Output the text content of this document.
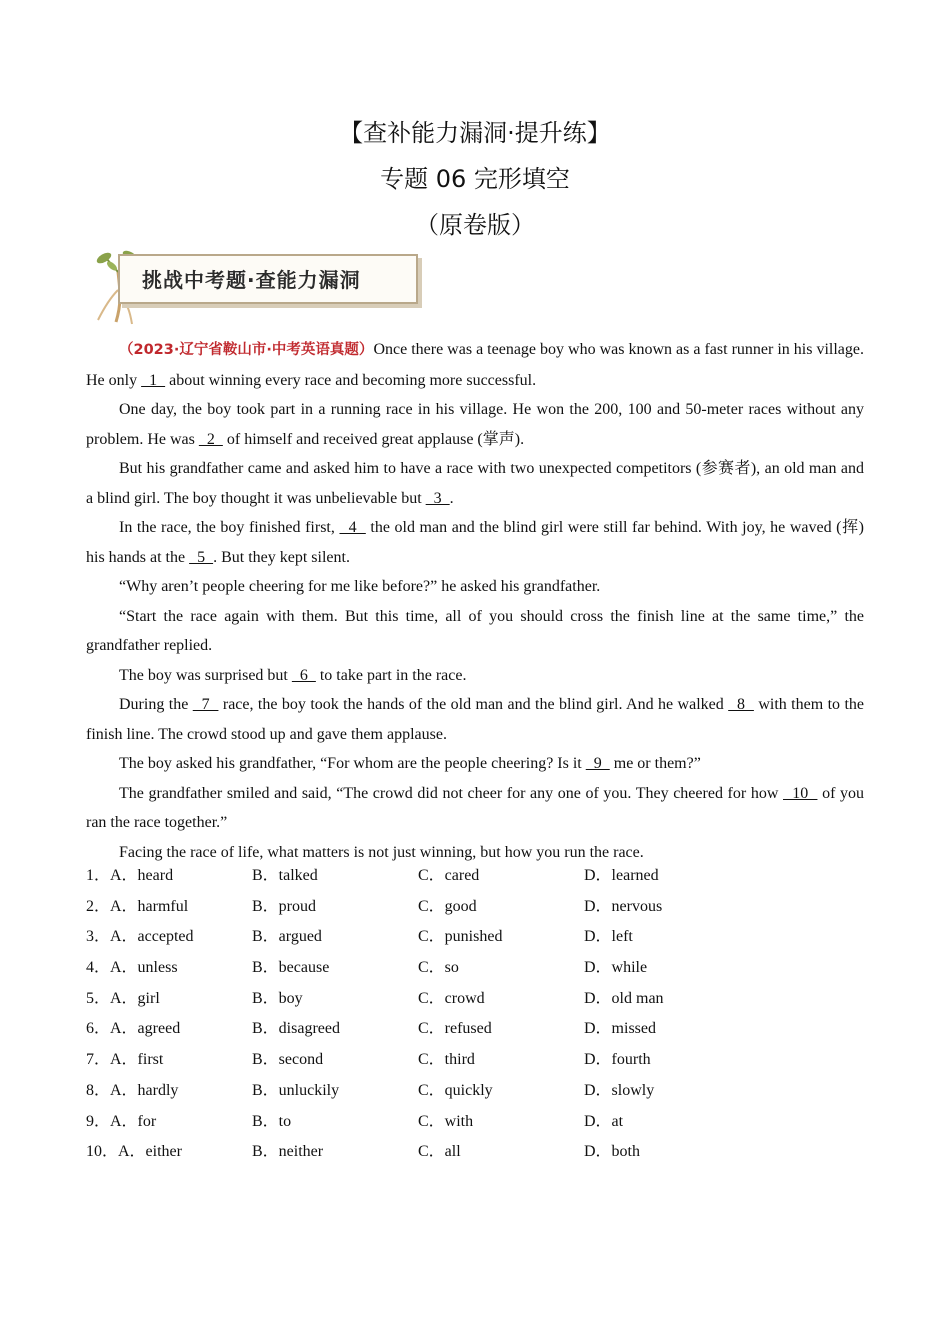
【查补能力漏洞·提升练】
专题 06 完形填空
（原卷版）
挑战中考题·查能力漏洞

（2023·辽宁省鞍山市·中考英语真题）Once there was a teenage boy who was known as a fast runner in his village. He only   1   about winning every race and becoming more successful.

One day, the boy took part in a running race in his village. He won the 200, 100 and 50-meter races without any problem. He was   2   of himself and received great applause (掌声).

But his grandfather came and asked him to have a race with two unexpected competitors (参赛者), an old man and a blind girl. The boy thought it was unbelievable but   3  .

In the race, the boy finished first,   4   the old man and the blind girl were still far behind. With joy, he waved (挥) his hands at the   5  . But they kept silent.

“Why aren’t people cheering for me like before?” he asked his grandfather.

“Start the race again with them. But this time, all of you should cross the finish line at the same time,” the grandfather replied.

The boy was surprised but   6   to take part in the race.

During the   7   race, the boy took the hands of the old man and the blind girl. And he walked   8   with them to the finish line. The crowd stood up and gave them applause.

The boy asked his grandfather, “For whom are the people cheering? Is it   9   me or them?”

The grandfather smiled and said, “The crowd did not cheer for any one of you. They cheered for how   10   of you ran the race together.”

Facing the race of life, what matters is not just winning, but how you run the race.

1．A．heard	B．talked	C．cared	D．learned
2．A．harmful	B．proud	C．good	D．nervous
3．A．accepted	B．argued	C．punished	D．left
4．A．unless	B．because	C．so	D．while
5．A．girl	B．boy	C．crowd	D．old man
6．A．agreed	B．disagreed	C．refused	D．missed
7．A．first	B．second	C．third	D．fourth
8．A．hardly	B．unluckily	C．quickly	D．slowly
9．A．for	B．to	C．with	D．at
10．A．either	B．neither	C．all	D．both
